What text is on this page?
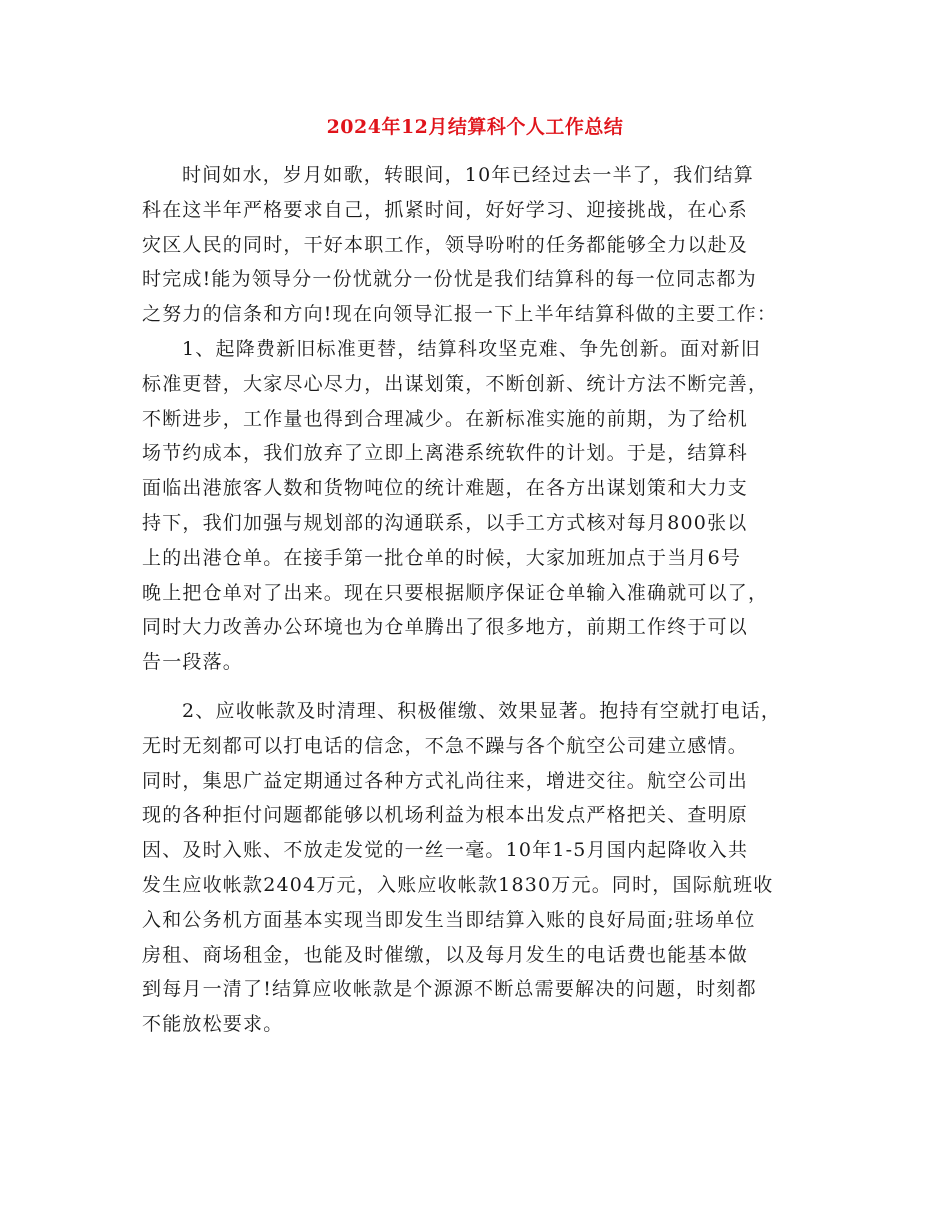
2024年12月结算科个人工作总结
时间如水，岁月如歌，转眼间，10年已经过去一半了，我们结算
科在这半年严格要求自己，抓紧时间，好好学习、迎接挑战，在心系
灾区人民的同时，干好本职工作，领导吩咐的任务都能够全力以赴及
时完成!能为领导分一份忧就分一份忧是我们结算科的每一位同志都为
之努力的信条和方向!现在向领导汇报一下上半年结算科做的主要工作：
1、起降费新旧标准更替，结算科攻坚克难、争先创新。面对新旧
标准更替，大家尽心尽力，出谋划策，不断创新、统计方法不断完善，
不断进步，工作量也得到合理减少。在新标准实施的前期，为了给机
场节约成本，我们放弃了立即上离港系统软件的计划。于是，结算科
面临出港旅客人数和货物吨位的统计难题，在各方出谋划策和大力支
持下，我们加强与规划部的沟通联系，以手工方式核对每月800张以
上的出港仓单。在接手第一批仓单的时候，大家加班加点于当月6号
晚上把仓单对了出来。现在只要根据顺序保证仓单输入准确就可以了，
同时大力改善办公环境也为仓单腾出了很多地方，前期工作终于可以
告一段落。
2、应收帐款及时清理、积极催缴、效果显著。抱持有空就打电话，
无时无刻都可以打电话的信念，不急不躁与各个航空公司建立感情。
同时，集思广益定期通过各种方式礼尚往来，增进交往。航空公司出
现的各种拒付问题都能够以机场利益为根本出发点严格把关、查明原
因、及时入账、不放走发觉的一丝一毫。10年1-5月国内起降收入共
发生应收帐款2404万元，入账应收帐款1830万元。同时，国际航班收
入和公务机方面基本实现当即发生当即结算入账的良好局面;驻场单位
房租、商场租金，也能及时催缴，以及每月发生的电话费也能基本做
到每月一清了!结算应收帐款是个源源不断总需要解决的问题，时刻都
不能放松要求。
